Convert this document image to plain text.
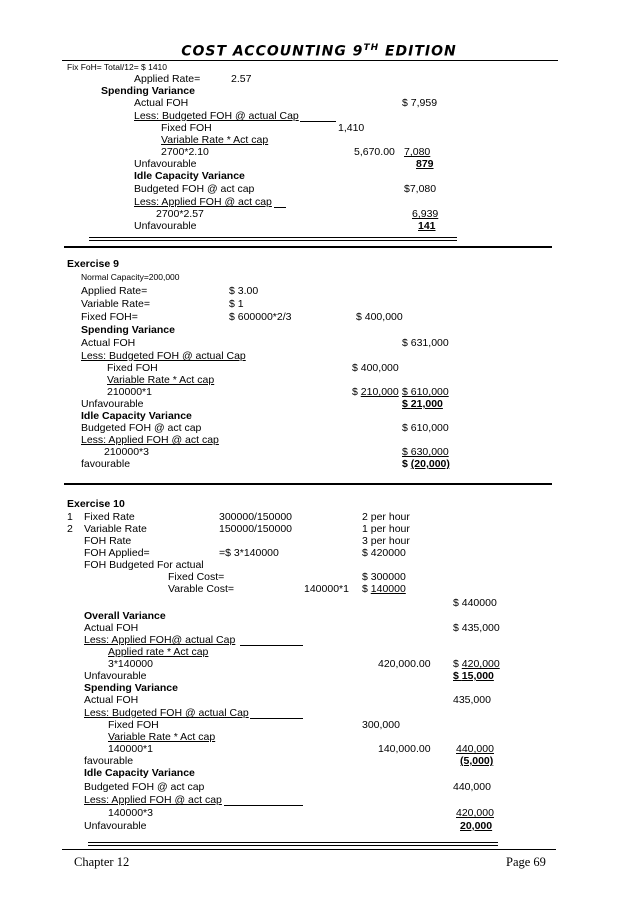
COST ACCOUNTING 9TH EDITION
Fix FoH= Total/12= $ 1410
Applied Rate=	2.57
Spending Variance
Actual FOH	$ 7,959
Less: Budgeted FOH @ actual Cap
Fixed FOH	1,410
Variable Rate * Act cap
2700*2.10	5,670.00 7,080
Unfavourable	879
Idle Capacity Variance
Budgeted FOH @ act cap	$7,080
Less: Applied FOH @ act cap
2700*2.57	6,939
Unfavourable	141
Exercise 9
Normal Capacity=200,000
Applied Rate=	$ 3.00
Variable Rate=	$ 1
Fixed FOH=	$ 600000*2/3	$ 400,000
Spending Variance
Actual FOH	$ 631,000
Less: Budgeted FOH @ actual Cap
Fixed FOH	$ 400,000
Variable Rate * Act cap
210000*1	$ 210,000 $ 610,000
Unfavourable	$ 21,000
Idle Capacity Variance
Budgeted FOH @ act cap	$ 610,000
Less: Applied FOH @ act cap
210000*3	$ 630,000
favourable	$ (20,000)
Exercise 10
1 Fixed Rate	300000/150000	2 per hour
2 Variable Rate	150000/150000	1 per hour
FOH Rate	3 per hour
FOH Applied=	=$ 3*140000	$ 420000
FOH Budgeted For actual
Fixed Cost=	$ 300000
Varable Cost=	140000*1 $ 140000
$ 440000
Overall Variance
Actual FOH	$ 435,000
Less: Applied FOH@ actual Cap
Applied rate * Act cap
3*140000	420,000.00 $ 420,000
Unfavourable	$ 15,000
Spending Variance
Actual FOH	435,000
Less: Budgeted FOH @ actual Cap
Fixed FOH	300,000
Variable Rate * Act cap
140000*1	140,000.00 440,000
favourable	(5,000)
Idle Capacity Variance
Budgeted FOH @ act cap	440,000
Less: Applied FOH @ act cap
140000*3	420,000
Unfavourable	20,000
Chapter 12	Page 69
